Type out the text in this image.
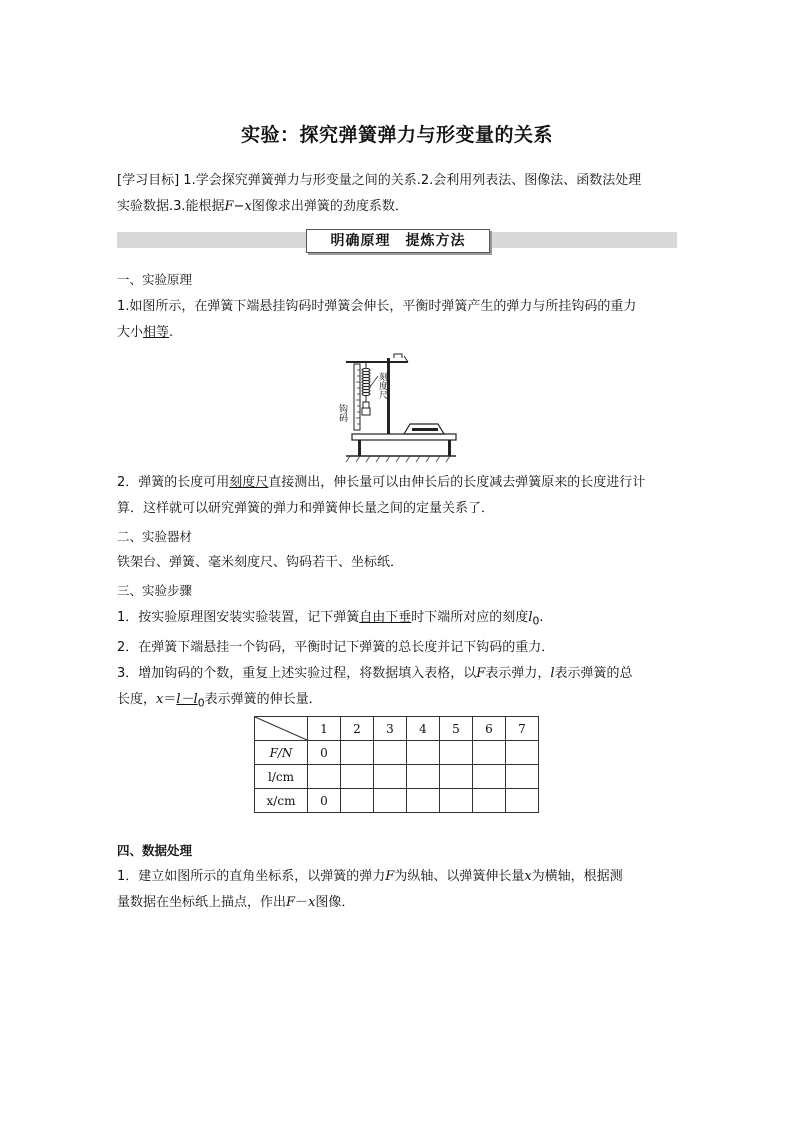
实验：探究弹簧弹力与形变量的关系
[学习目标] 1.学会探究弹簧弹力与形变量之间的关系.2.会利用列表法、图像法、函数法处理
实验数据.3.能根据F−x图像求出弹簧的劲度系数．
明确原理　提炼方法
一、实验原理
1.如图所示，在弹簧下端悬挂钩码时弹簧会伸长，平衡时弹簧产生的弹力与所挂钩码的重力
大小相等.
刻度尺
钩码
2．弹簧的长度可用刻度尺直接测出，伸长量可以由伸长后的长度减去弹簧原来的长度进行计
算．这样就可以研究弹簧的弹力和弹簧伸长量之间的定量关系了．
二、实验器材
铁架台、弹簧、毫米刻度尺、钩码若干、坐标纸．
三、实验步骤
1．按实验原理图安装实验装置，记下弹簧自由下垂时下端所对应的刻度$l_0$.
2．在弹簧下端悬挂一个钩码，平衡时记下弹簧的总长度并记下钩码的重力．
3．增加钩码的个数，重复上述实验过程，将数据填入表格，以F表示弹力，l表示弹簧的总
长度，$x=l-l_0$表示弹簧的伸长量．
	1	2	3	4	5	6	7
F/N	0						
l/cm							
x/cm	0						
四、数据处理
1．建立如图所示的直角坐标系，以弹簧的弹力F为纵轴、以弹簧伸长量x为横轴，根据测
量数据在坐标纸上描点，作出F－x图像．
